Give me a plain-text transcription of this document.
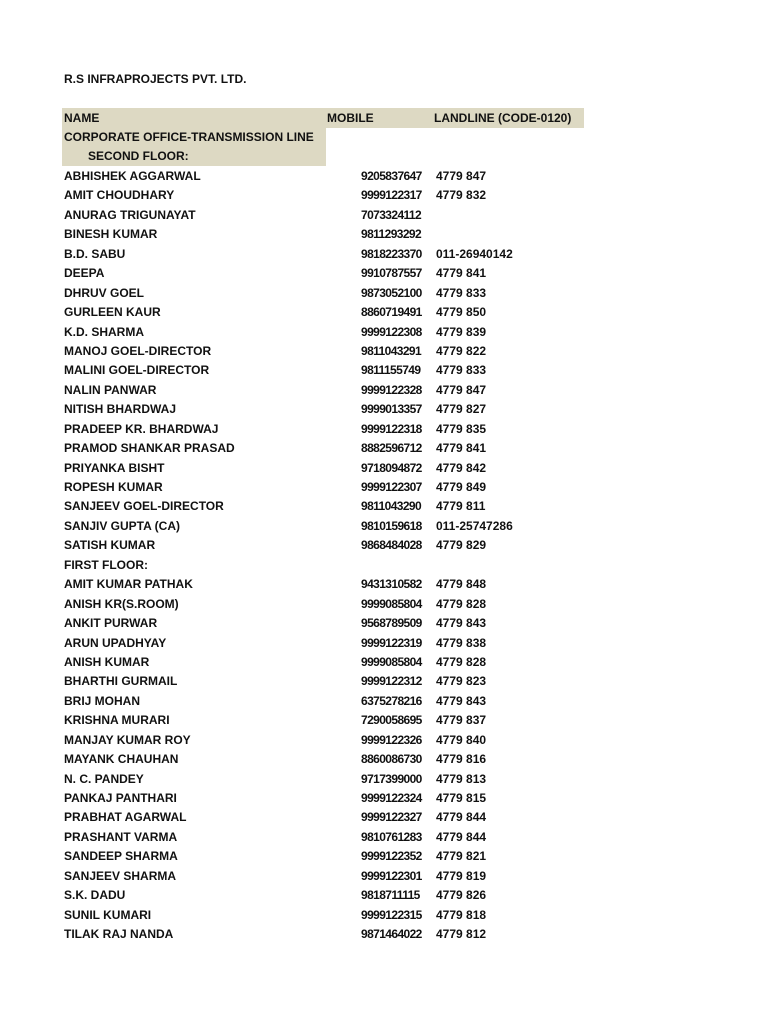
R.S INFRAPROJECTS PVT. LTD.
NAME	MOBILE	LANDLINE (CODE-0120)
CORPORATE OFFICE-TRANSMISSION LINE
SECOND FLOOR:
ABHISHEK AGGARWAL	9205837647 4779 847
AMIT CHOUDHARY	9999122317 4779 832
ANURAG TRIGUNAYAT	7073324112
BINESH KUMAR	9811293292
B.D. SABU	9818223370 011-26940142
DEEPA	9910787557 4779 841
DHRUV GOEL	9873052100 4779 833
GURLEEN KAUR	8860719491 4779 850
K.D. SHARMA	9999122308 4779 839
MANOJ GOEL-DIRECTOR	9811043291 4779 822
MALINI GOEL-DIRECTOR	9811155749 4779 833
NALIN PANWAR	9999122328 4779 847
NITISH BHARDWAJ	9999013357 4779 827
PRADEEP KR. BHARDWAJ	9999122318 4779 835
PRAMOD SHANKAR PRASAD	8882596712 4779 841
PRIYANKA BISHT	9718094872 4779 842
ROPESH KUMAR	9999122307 4779 849
SANJEEV GOEL-DIRECTOR	9811043290 4779 811
SANJIV GUPTA (CA)	9810159618 011-25747286
SATISH KUMAR	9868484028 4779 829
FIRST FLOOR:
AMIT KUMAR PATHAK	9431310582 4779 848
ANISH KR(S.ROOM)	9999085804 4779 828
ANKIT PURWAR	9568789509 4779 843
ARUN UPADHYAY	9999122319 4779 838
ANISH KUMAR	9999085804 4779 828
BHARTHI GURMAIL	9999122312 4779 823
BRIJ MOHAN	6375278216 4779 843
KRISHNA MURARI	7290058695 4779 837
MANJAY KUMAR ROY	9999122326 4779 840
MAYANK CHAUHAN	8860086730 4779 816
N. C. PANDEY	9717399000 4779 813
PANKAJ PANTHARI	9999122324 4779 815
PRABHAT AGARWAL	9999122327 4779 844
PRASHANT VARMA	9810761283 4779 844
SANDEEP SHARMA	9999122352 4779 821
SANJEEV SHARMA	9999122301 4779 819
S.K. DADU	9818711115 4779 826
SUNIL KUMARI	9999122315 4779 818
TILAK RAJ NANDA	9871464022 4779 812
